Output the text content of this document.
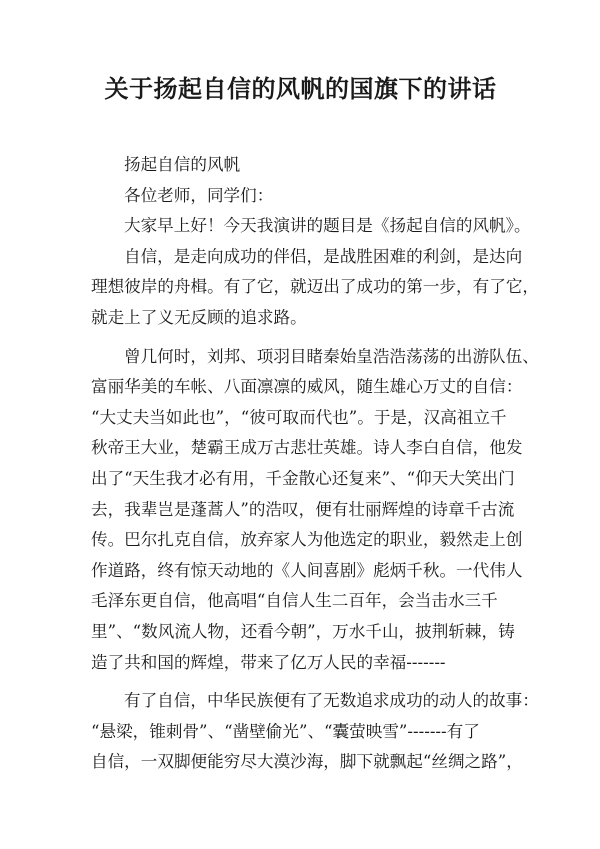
关于扬起自信的风帆的国旗下的讲话
扬起自信的风帆
各位老师，同学们：
大家早上好！今天我演讲的题目是《扬起自信的风帆》。
自信，是走向成功的伴侣，是战胜困难的利剑，是达向
理想彼岸的舟楫。有了它，就迈出了成功的第一步，有了它，
就走上了义无反顾的追求路。
曾几何时，刘邦、项羽目睹秦始皇浩浩荡荡的出游队伍、
富丽华美的车帐、八面凛凛的威风，随生雄心万丈的自信：
“大丈夫当如此也”，“彼可取而代也”。于是，汉高祖立千
秋帝王大业，楚霸王成万古悲壮英雄。诗人李白自信，他发
出了“天生我才必有用，千金散心还复来”、“仰天大笑出门
去，我辈岂是蓬蒿人”的浩叹，便有壮丽辉煌的诗章千古流
传。巴尔扎克自信，放弃家人为他选定的职业，毅然走上创
作道路，终有惊天动地的《人间喜剧》彪炳千秋。一代伟人
毛泽东更自信，他高唱“自信人生二百年，会当击水三千
里”、“数风流人物，还看今朝”，万水千山，披荆斩棘，铸
造了共和国的辉煌，带来了亿万人民的幸福-------
有了自信，中华民族便有了无数追求成功的动人的故事：
“悬梁，锥刺骨”、“凿壁偷光”、“囊萤映雪”-------有了
自信，一双脚便能穷尽大漠沙海，脚下就飘起“丝绸之路”，
